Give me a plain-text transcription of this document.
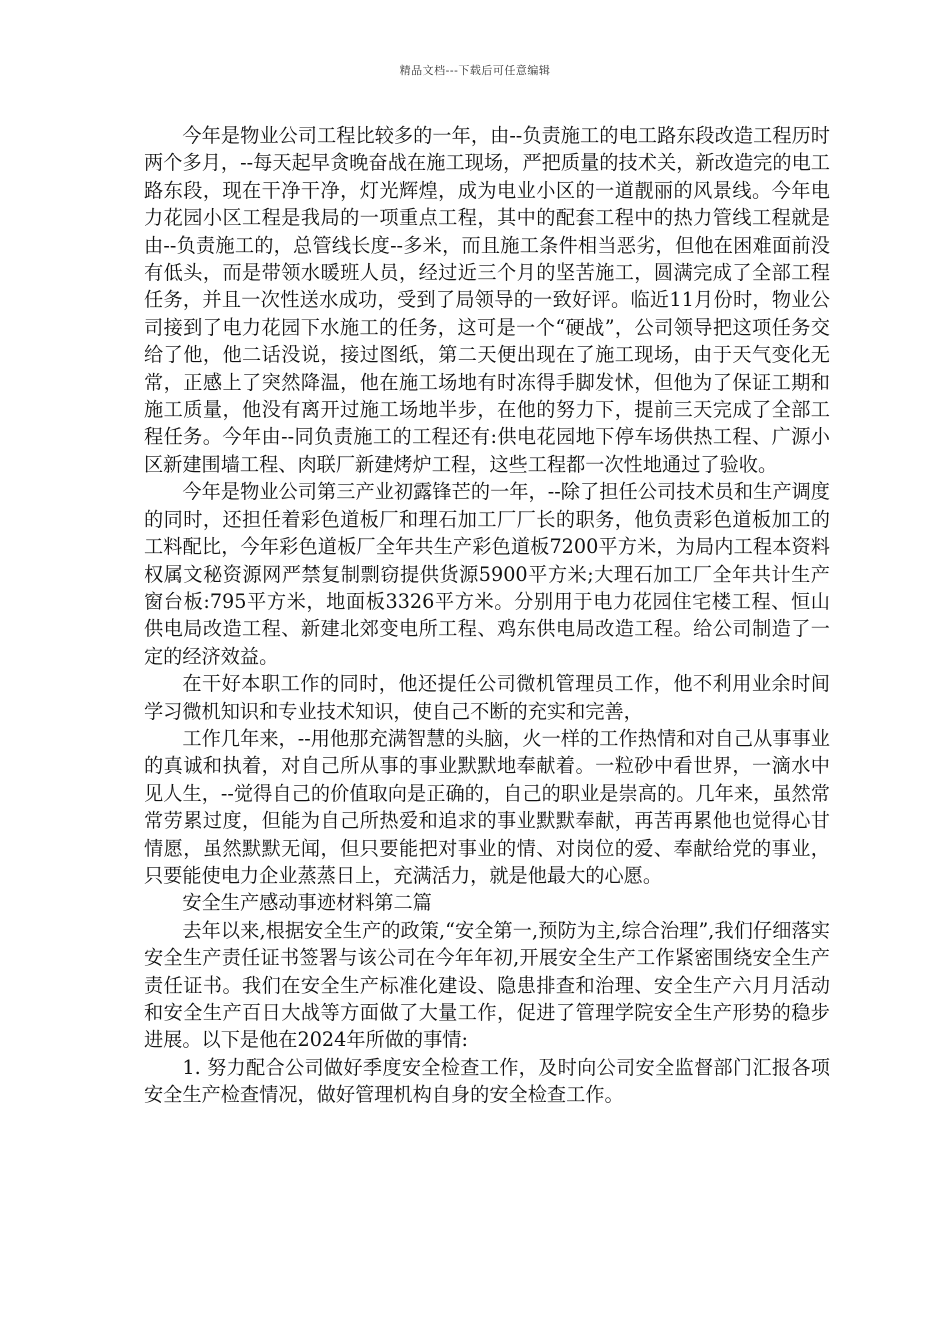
精品文档---下载后可任意编辑

今年是物业公司工程比较多的一年，由--负责施工的电工路东段改造工程历时两个多月，--每天起早贪晚奋战在施工现场，严把质量的技术关，新改造完的电工路东段，现在干净干净，灯光辉煌，成为电业小区的一道靓丽的风景线。今年电力花园小区工程是我局的一项重点工程，其中的配套工程中的热力管线工程就是由--负责施工的，总管线长度--多米，而且施工条件相当恶劣，但他在困难面前没有低头，而是带领水暖班人员，经过近三个月的坚苦施工，圆满完成了全部工程任务，并且一次性送水成功，受到了局领导的一致好评。临近11月份时，物业公司接到了电力花园下水施工的任务，这可是一个“硬战”，公司领导把这项任务交给了他，他二话没说，接过图纸，第二天便出现在了施工现场，由于天气变化无常，正感上了突然降温，他在施工场地有时冻得手脚发怵，但他为了保证工期和施工质量，他没有离开过施工场地半步，在他的努力下，提前三天完成了全部工程任务。今年由--同负责施工的工程还有:供电花园地下停车场供热工程、广源小区新建围墙工程、肉联厂新建烤炉工程，这些工程都一次性地通过了验收。

今年是物业公司第三产业初露锋芒的一年，--除了担任公司技术员和生产调度的同时，还担任着彩色道板厂和理石加工厂厂长的职务，他负责彩色道板加工的工料配比，今年彩色道板厂全年共生产彩色道板7200平方米，为局内工程本资料权属文秘资源网严禁复制剽窃提供货源5900平方米;大理石加工厂全年共计生产窗台板:795平方米，地面板3326平方米。分别用于电力花园住宅楼工程、恒山供电局改造工程、新建北郊变电所工程、鸡东供电局改造工程。给公司制造了一定的经济效益。

在干好本职工作的同时，他还提任公司微机管理员工作，他不利用业余时间学习微机知识和专业技术知识，使自己不断的充实和完善，

工作几年来，--用他那充满智慧的头脑，火一样的工作热情和对自己从事事业的真诚和执着，对自己所从事的事业默默地奉献着。一粒砂中看世界，一滴水中见人生，--觉得自己的价值取向是正确的，自己的职业是崇高的。几年来，虽然常常劳累过度，但能为自己所热爱和追求的事业默默奉献，再苦再累他也觉得心甘情愿，虽然默默无闻，但只要能把对事业的情、对岗位的爱、奉献给党的事业，只要能使电力企业蒸蒸日上，充满活力，就是他最大的心愿。

安全生产感动事迹材料第二篇

去年以来,根据安全生产的政策,“安全第一,预防为主,综合治理”,我们仔细落实安全生产责任证书签署与该公司在今年年初,开展安全生产工作紧密围绕安全生产责任证书。我们在安全生产标准化建设、隐患排查和治理、安全生产六月月活动和安全生产百日大战等方面做了大量工作，促进了管理学院安全生产形势的稳步进展。以下是他在2024年所做的事情:

1. 努力配合公司做好季度安全检查工作，及时向公司安全监督部门汇报各项安全生产检查情况，做好管理机构自身的安全检查工作。
